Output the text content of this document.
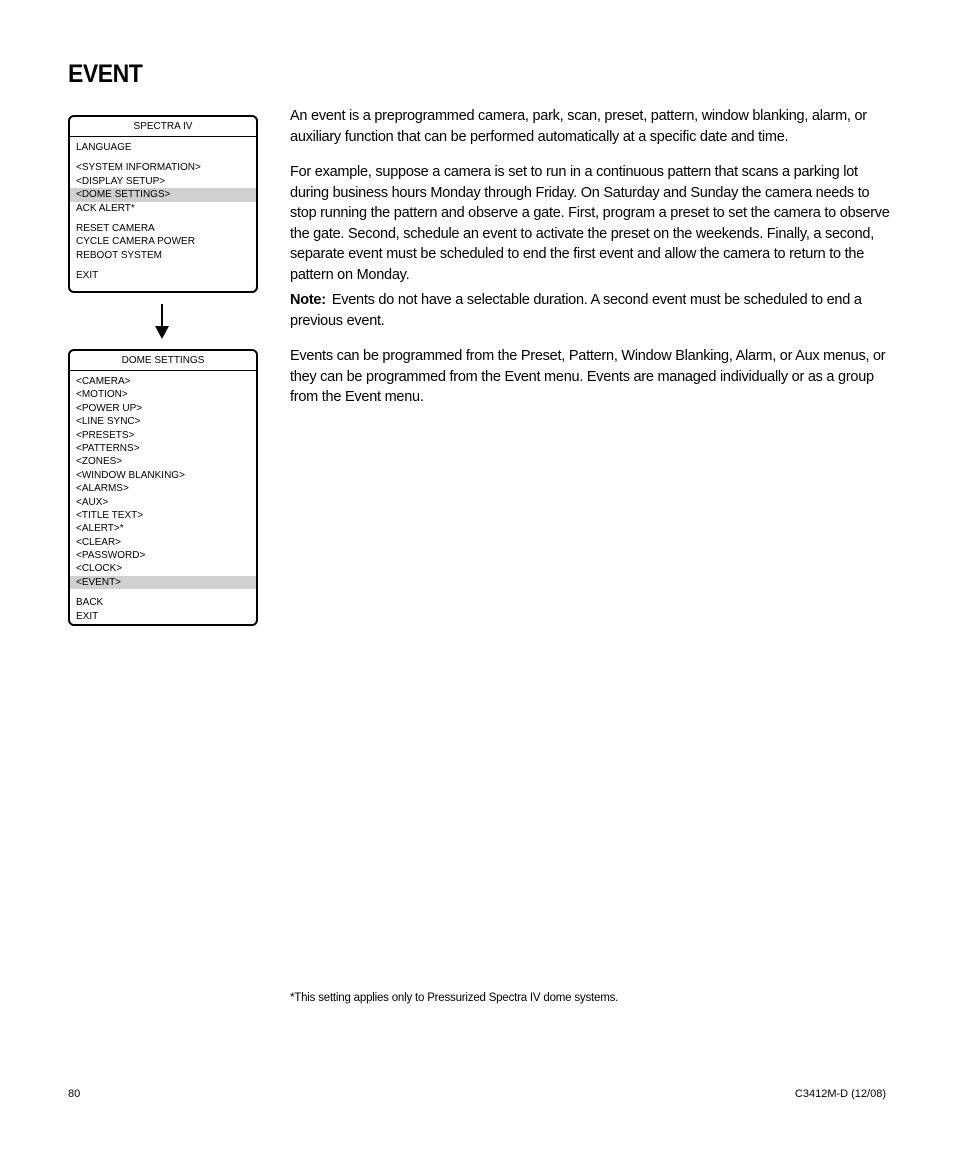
EVENT
SPECTRA IV
LANGUAGE
<SYSTEM INFORMATION>
<DISPLAY SETUP>
<DOME SETTINGS>
ACK ALERT*
RESET CAMERA
CYCLE CAMERA POWER
REBOOT SYSTEM
EXIT
DOME SETTINGS
<CAMERA>
<MOTION>
<POWER UP>
<LINE SYNC>
<PRESETS>
<PATTERNS>
<ZONES>
<WINDOW BLANKING>
<ALARMS>
<AUX>
<TITLE TEXT>
<ALERT>*
<CLEAR>
<PASSWORD>
<CLOCK>
<EVENT>
BACK
EXIT

An event is a preprogrammed camera, park, scan, preset, pattern, window blanking, alarm, or auxiliary function that can be performed automatically at a specific date and time.

For example, suppose a camera is set to run in a continuous pattern that scans a parking lot during business hours Monday through Friday. On Saturday and Sunday the camera needs to stop running the pattern and observe a gate. First, program a preset to set the camera to observe the gate. Second, schedule an event to activate the preset on the weekends. Finally, a second, separate event must be scheduled to end the first event and allow the camera to return to the pattern on Monday.

Note: Events do not have a selectable duration. A second event must be scheduled to end a previous event.

Events can be programmed from the Preset, Pattern, Window Blanking, Alarm, or Aux menus, or they can be programmed from the Event menu. Events are managed individually or as a group from the Event menu.

*This setting applies only to Pressurized Spectra IV dome systems.
80	C3412M-D (12/08)
